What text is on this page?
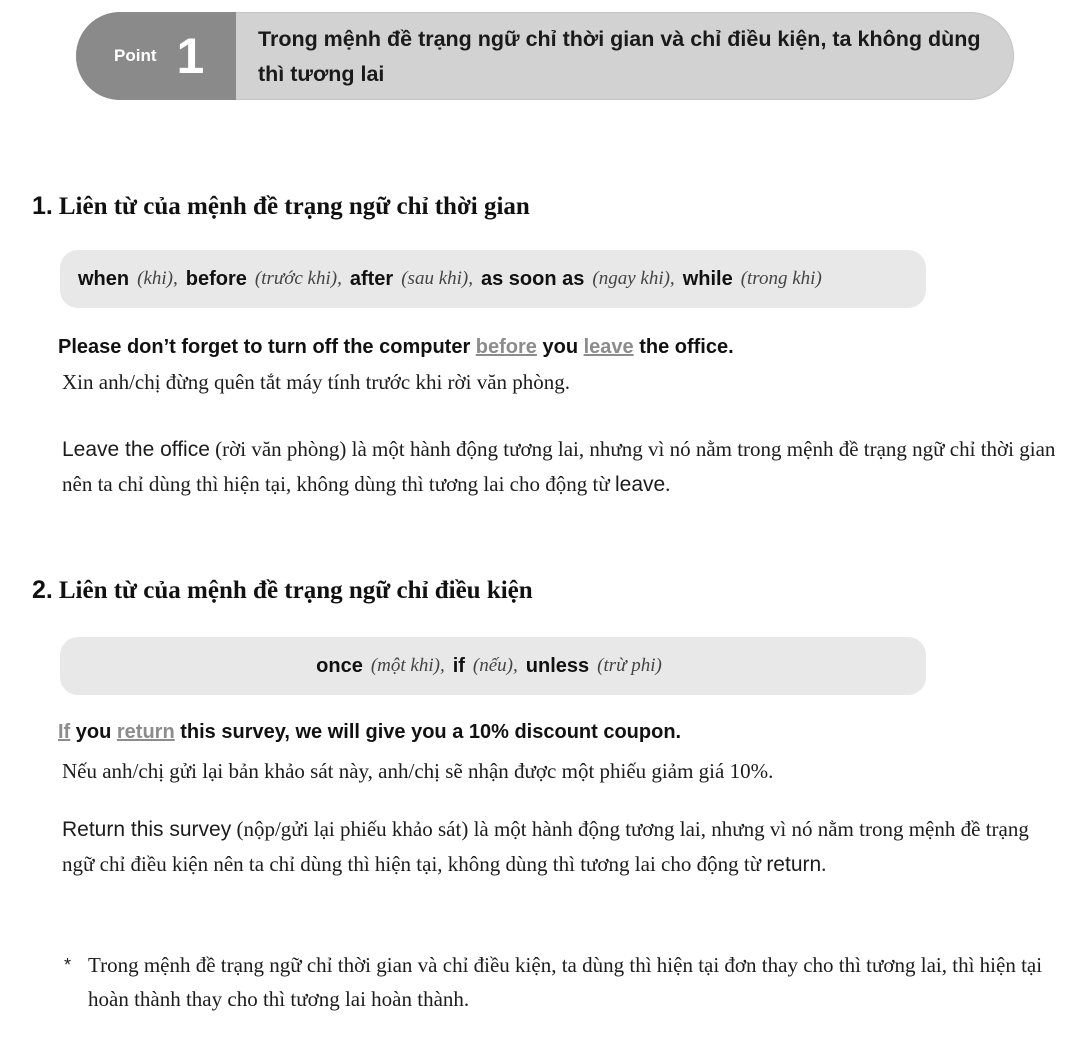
Point 1 Trong mệnh đề trạng ngữ chỉ thời gian và chỉ điều kiện, ta không dùng thì tương lai
1. Liên từ của mệnh đề trạng ngữ chỉ thời gian
when (khi), before (trước khi), after (sau khi), as soon as (ngay khi), while (trong khi)
Please don’t forget to turn off the computer before you leave the office.
Xin anh/chị đừng quên tắt máy tính trước khi rời văn phòng.
Leave the office (rời văn phòng) là một hành động tương lai, nhưng vì nó nằm trong mệnh đề trạng ngữ chỉ thời gian nên ta chỉ dùng thì hiện tại, không dùng thì tương lai cho động từ leave.
2. Liên từ của mệnh đề trạng ngữ chỉ điều kiện
once (một khi), if (nếu), unless (trừ phi)
If you return this survey, we will give you a 10% discount coupon.
Nếu anh/chị gửi lại bản khảo sát này, anh/chị sẽ nhận được một phiếu giảm giá 10%.
Return this survey (nộp/gửi lại phiếu khảo sát) là một hành động tương lai, nhưng vì nó nằm trong mệnh đề trạng ngữ chỉ điều kiện nên ta chỉ dùng thì hiện tại, không dùng thì tương lai cho động từ return.
* Trong mệnh đề trạng ngữ chỉ thời gian và chỉ điều kiện, ta dùng thì hiện tại đơn thay cho thì tương lai, thì hiện tại hoàn thành thay cho thì tương lai hoàn thành.
